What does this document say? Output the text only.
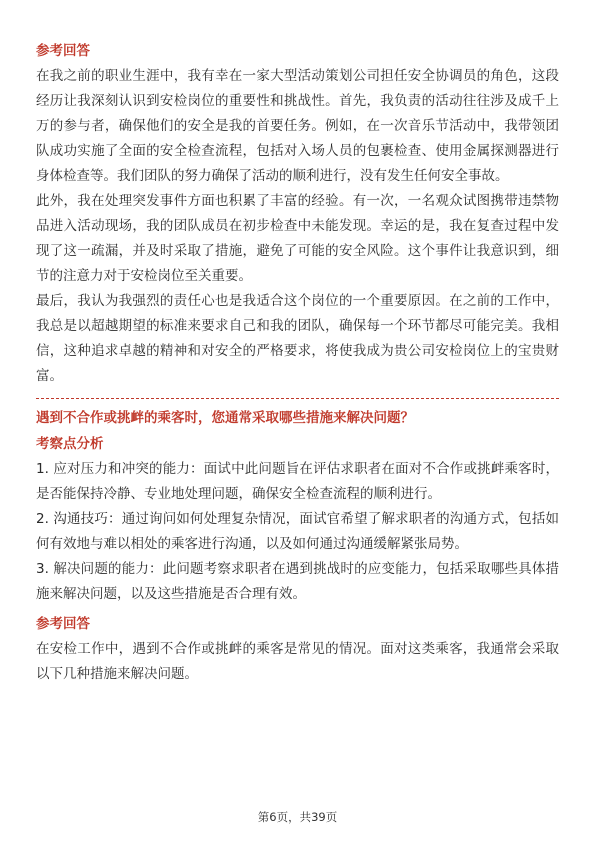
参考回答

在我之前的职业生涯中，我有幸在一家大型活动策划公司担任安全协调员的角色，这段经历让我深刻认识到安检岗位的重要性和挑战性。首先，我负责的活动往往涉及成千上万的参与者，确保他们的安全是我的首要任务。例如，在一次音乐节活动中，我带领团队成功实施了全面的安全检查流程，包括对入场人员的包裹检查、使用金属探测器进行身体检查等。我们团队的努力确保了活动的顺利进行，没有发生任何安全事故。

此外，我在处理突发事件方面也积累了丰富的经验。有一次，一名观众试图携带违禁物品进入活动现场，我的团队成员在初步检查中未能发现。幸运的是，我在复查过程中发现了这一疏漏，并及时采取了措施，避免了可能的安全风险。这个事件让我意识到，细节的注意力对于安检岗位至关重要。

最后，我认为我强烈的责任心也是我适合这个岗位的一个重要原因。在之前的工作中，我总是以超越期望的标准来要求自己和我的团队，确保每一个环节都尽可能完美。我相信，这种追求卓越的精神和对安全的严格要求，将使我成为贵公司安检岗位上的宝贵财富。

遇到不合作或挑衅的乘客时，您通常采取哪些措施来解决问题？
考察点分析

1. 应对压力和冲突的能力：面试中此问题旨在评估求职者在面对不合作或挑衅乘客时，是否能保持冷静、专业地处理问题，确保安全检查流程的顺利进行。

2. 沟通技巧：通过询问如何处理复杂情况，面试官希望了解求职者的沟通方式，包括如何有效地与难以相处的乘客进行沟通，以及如何通过沟通缓解紧张局势。

3. 解决问题的能力：此问题考察求职者在遇到挑战时的应变能力，包括采取哪些具体措施来解决问题，以及这些措施是否合理有效。

参考回答

在安检工作中，遇到不合作或挑衅的乘客是常见的情况。面对这类乘客，我通常会采取以下几种措施来解决问题。

第6页，共39页
